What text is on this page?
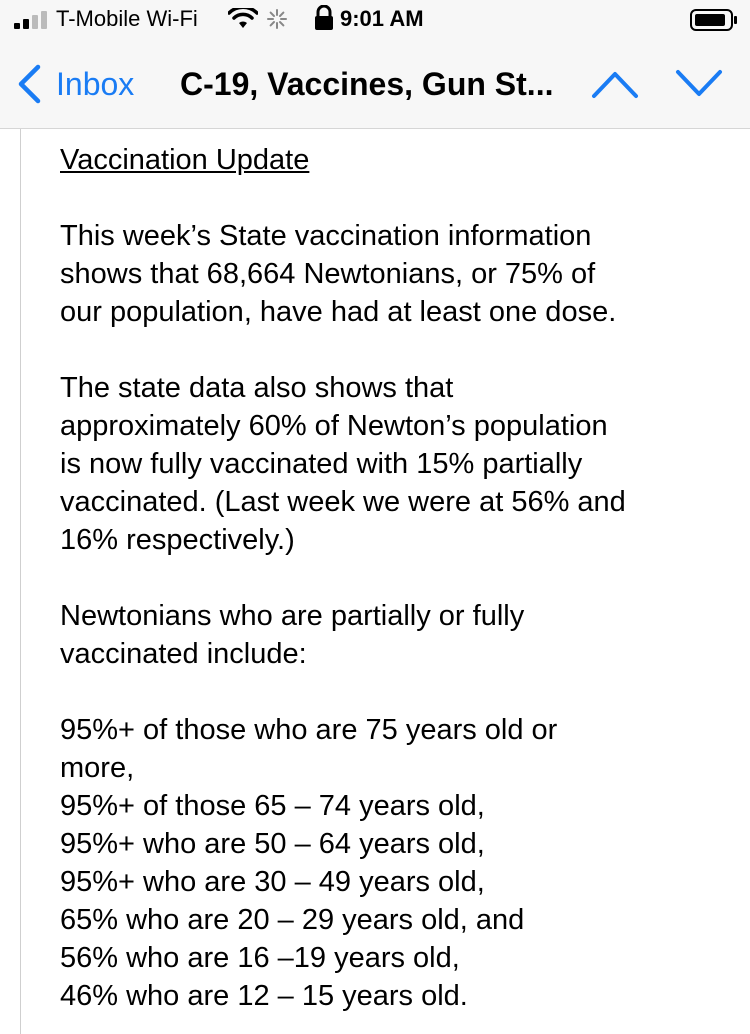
T-Mobile Wi-Fi	9:01 AM
Inbox C-19, Vaccines, Gun St...

Vaccination Update

This week’s State vaccination information

shows that 68,664 Newtonians, or 75% of

our population, have had at least one dose.

The state data also shows that

approximately 60% of Newton’s population

is now fully vaccinated with 15% partially

vaccinated. (Last week we were at 56% and

16% respectively.)

Newtonians who are partially or fully

vaccinated include:

95%+ of those who are 75 years old or

more,

95%+ of those 65 – 74 years old,

95%+ who are 50 – 64 years old,

95%+ who are 30 – 49 years old,

65% who are 20 – 29 years old, and

56% who are 16 –19 years old,

46% who are 12 – 15 years old.
